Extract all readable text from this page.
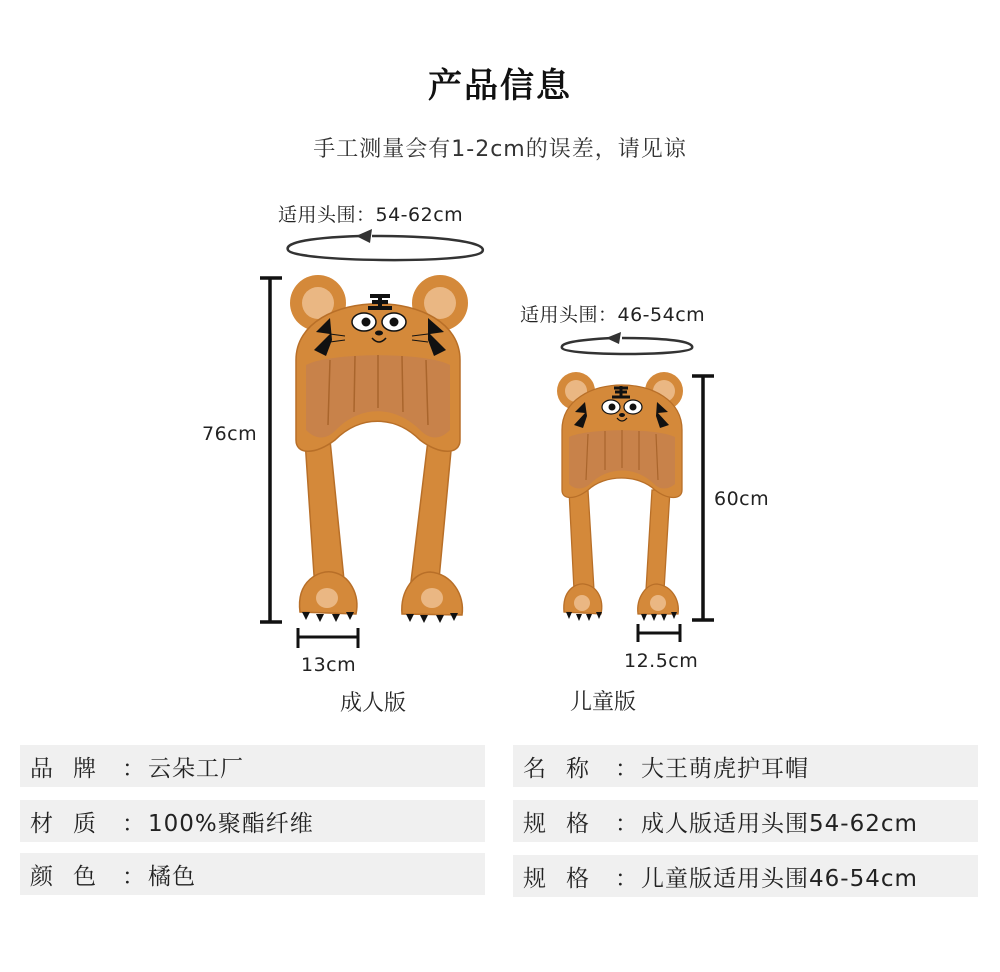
产品信息
手工测量会有1-2cm的误差，请见谅
适用头围：54-62cm
76cm
13cm
成人版
适用头围：46-54cm
60cm
12.5cm
儿童版
品牌 ： 云朵工厂
材质 ： 100%聚酯纤维
颜色 ： 橘色
名称 ： 大王萌虎护耳帽
规格 ： 成人版适用头围54-62cm
规格 ： 儿童版适用头围46-54cm
